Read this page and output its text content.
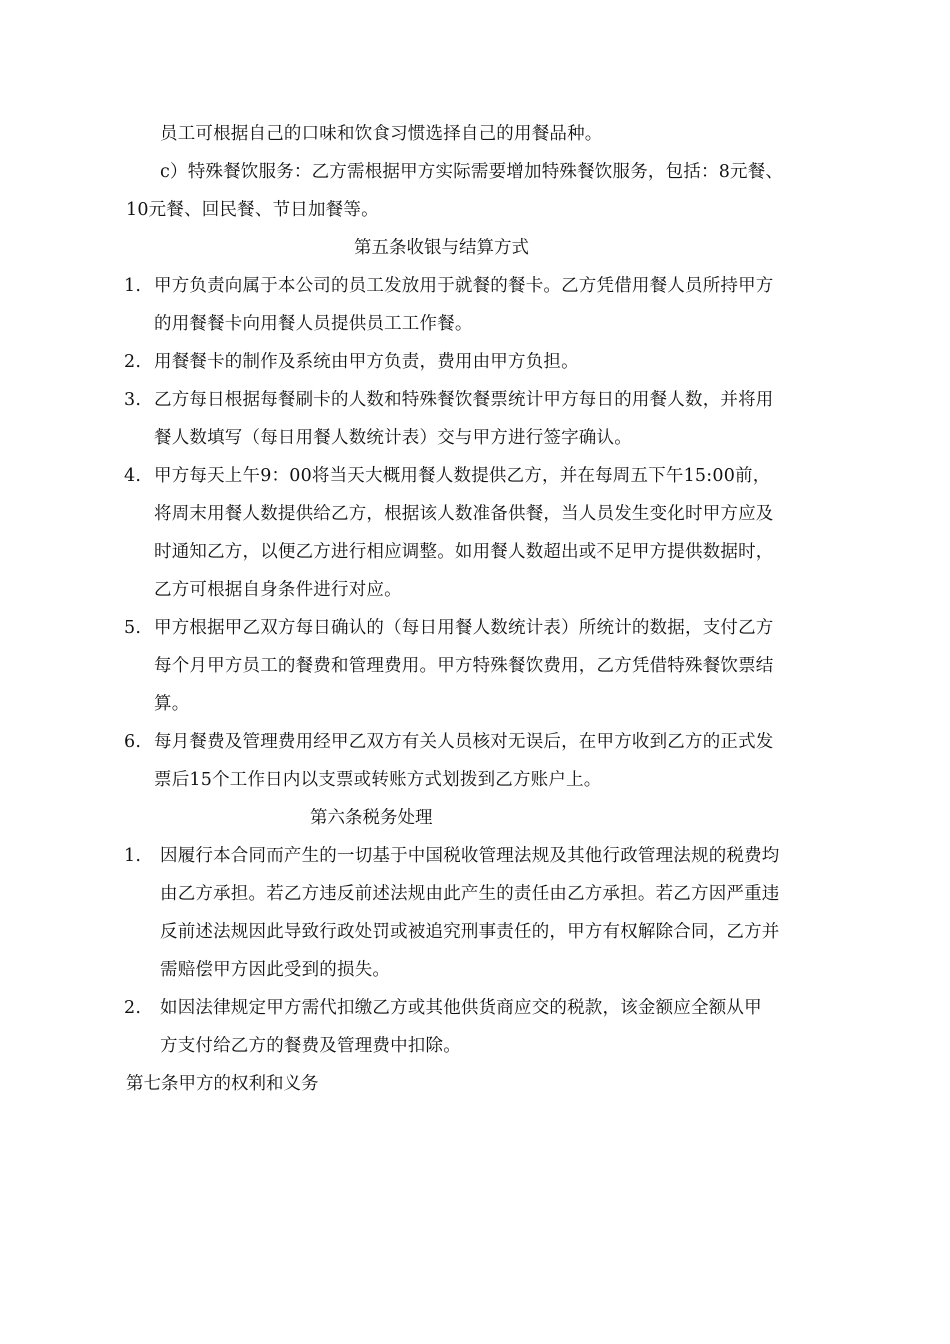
员工可根据自己的口味和饮食习惯选择自己的用餐品种。
c）特殊餐饮服务：乙方需根据甲方实际需要增加特殊餐饮服务，包括：8元餐、
10元餐、回民餐、节日加餐等。
第五条收银与结算方式
1. 甲方负责向属于本公司的员工发放用于就餐的餐卡。乙方凭借用餐人员所持甲方
的用餐餐卡向用餐人员提供员工工作餐。
2. 用餐餐卡的制作及系统由甲方负责，费用由甲方负担。
3. 乙方每日根据每餐刷卡的人数和特殊餐饮餐票统计甲方每日的用餐人数，并将用
餐人数填写（每日用餐人数统计表）交与甲方进行签字确认。
4. 甲方每天上午9：00将当天大概用餐人数提供乙方，并在每周五下午15:00前，
将周末用餐人数提供给乙方，根据该人数准备供餐，当人员发生变化时甲方应及
时通知乙方，以便乙方进行相应调整。如用餐人数超出或不足甲方提供数据时，
乙方可根据自身条件进行对应。
5. 甲方根据甲乙双方每日确认的（每日用餐人数统计表）所统计的数据，支付乙方
每个月甲方员工的餐费和管理费用。甲方特殊餐饮费用，乙方凭借特殊餐饮票结
算。
6. 每月餐费及管理费用经甲乙双方有关人员核对无误后，在甲方收到乙方的正式发
票后15个工作日内以支票或转账方式划拨到乙方账户上。
第六条税务处理
1. 因履行本合同而产生的一切基于中国税收管理法规及其他行政管理法规的税费均
由乙方承担。若乙方违反前述法规由此产生的责任由乙方承担。若乙方因严重违
反前述法规因此导致行政处罚或被追究刑事责任的，甲方有权解除合同，乙方并
需赔偿甲方因此受到的损失。
2. 如因法律规定甲方需代扣缴乙方或其他供货商应交的税款，该金额应全额从甲
方支付给乙方的餐费及管理费中扣除。
第七条甲方的权利和义务
